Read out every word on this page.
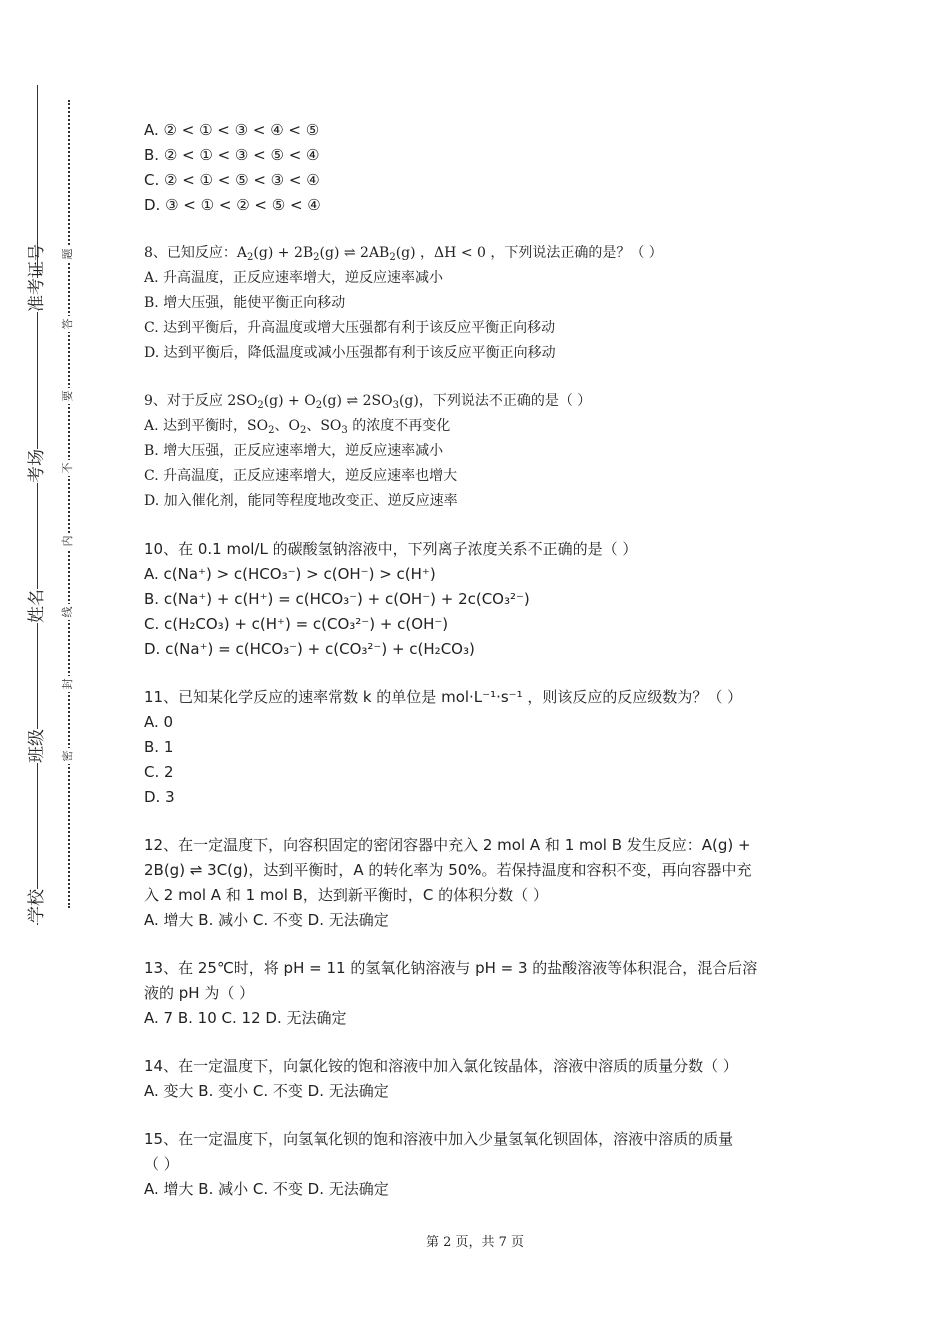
准考证号
考场
姓名
班级
学校
题
答
要
不
内
线
封
密
A. ② < ① < ③ < ④ < ⑤
B. ② < ① < ③ < ⑤ < ④
C. ② < ① < ⑤ < ③ < ④
D. ③ < ① < ② < ⑤ < ④
8、已知反应：$A_2(g) + 2B_2(g)$ ⇌ $2AB_2(g)$ ，ΔH < 0 ，下列说法正确的是？（ ）
A. 升高温度，正反应速率增大，逆反应速率减小
B. 增大压强，能使平衡正向移动
C. 达到平衡后，升高温度或增大压强都有利于该反应平衡正向移动
D. 达到平衡后，降低温度或减小压强都有利于该反应平衡正向移动
9、对于反应 $2SO_2(g) + O_2(g)$ ⇌ $2SO_3(g)$，下列说法不正确的是（ ）
A. 达到平衡时，$SO_2$、$O_2$、$SO_3$ 的浓度不再变化
B. 增大压强，正反应速率增大，逆反应速率减小
C. 升高温度，正反应速率增大，逆反应速率也增大
D. 加入催化剂，能同等程度地改变正、逆反应速率
10、在 0.1 mol/L 的碳酸氢钠溶液中，下列离子浓度关系不正确的是（ ）
A. c(Na⁺) > c(HCO₃⁻) > c(OH⁻) > c(H⁺)
B. c(Na⁺) + c(H⁺) = c(HCO₃⁻) + c(OH⁻) + 2c(CO₃²⁻)
C. c(H₂CO₃) + c(H⁺) = c(CO₃²⁻) + c(OH⁻)
D. c(Na⁺) = c(HCO₃⁻) + c(CO₃²⁻) + c(H₂CO₃)
11、已知某化学反应的速率常数 k 的单位是 mol·L⁻¹·s⁻¹ ，则该反应的反应级数为？（ ）
A. 0
B. 1
C. 2
D. 3
12、在一定温度下，向容积固定的密闭容器中充入 2 mol A 和 1 mol B 发生反应：A(g) +
2B(g) ⇌ 3C(g)，达到平衡时，A 的转化率为 50%。若保持温度和容积不变，再向容器中充
入 2 mol A 和 1 mol B，达到新平衡时，C 的体积分数（ ）
A. 增大 B. 减小 C. 不变 D. 无法确定
13、在 25℃时，将 pH = 11 的氢氧化钠溶液与 pH = 3 的盐酸溶液等体积混合，混合后溶
液的 pH 为（ ）
A. 7 B. 10 C. 12 D. 无法确定
14、在一定温度下，向氯化铵的饱和溶液中加入氯化铵晶体，溶液中溶质的质量分数（ ）
A. 变大 B. 变小 C. 不变 D. 无法确定
15、在一定温度下，向氢氧化钡的饱和溶液中加入少量氢氧化钡固体，溶液中溶质的质量
（ ）
A. 增大 B. 减小 C. 不变 D. 无法确定
第 2 页，共 7 页
